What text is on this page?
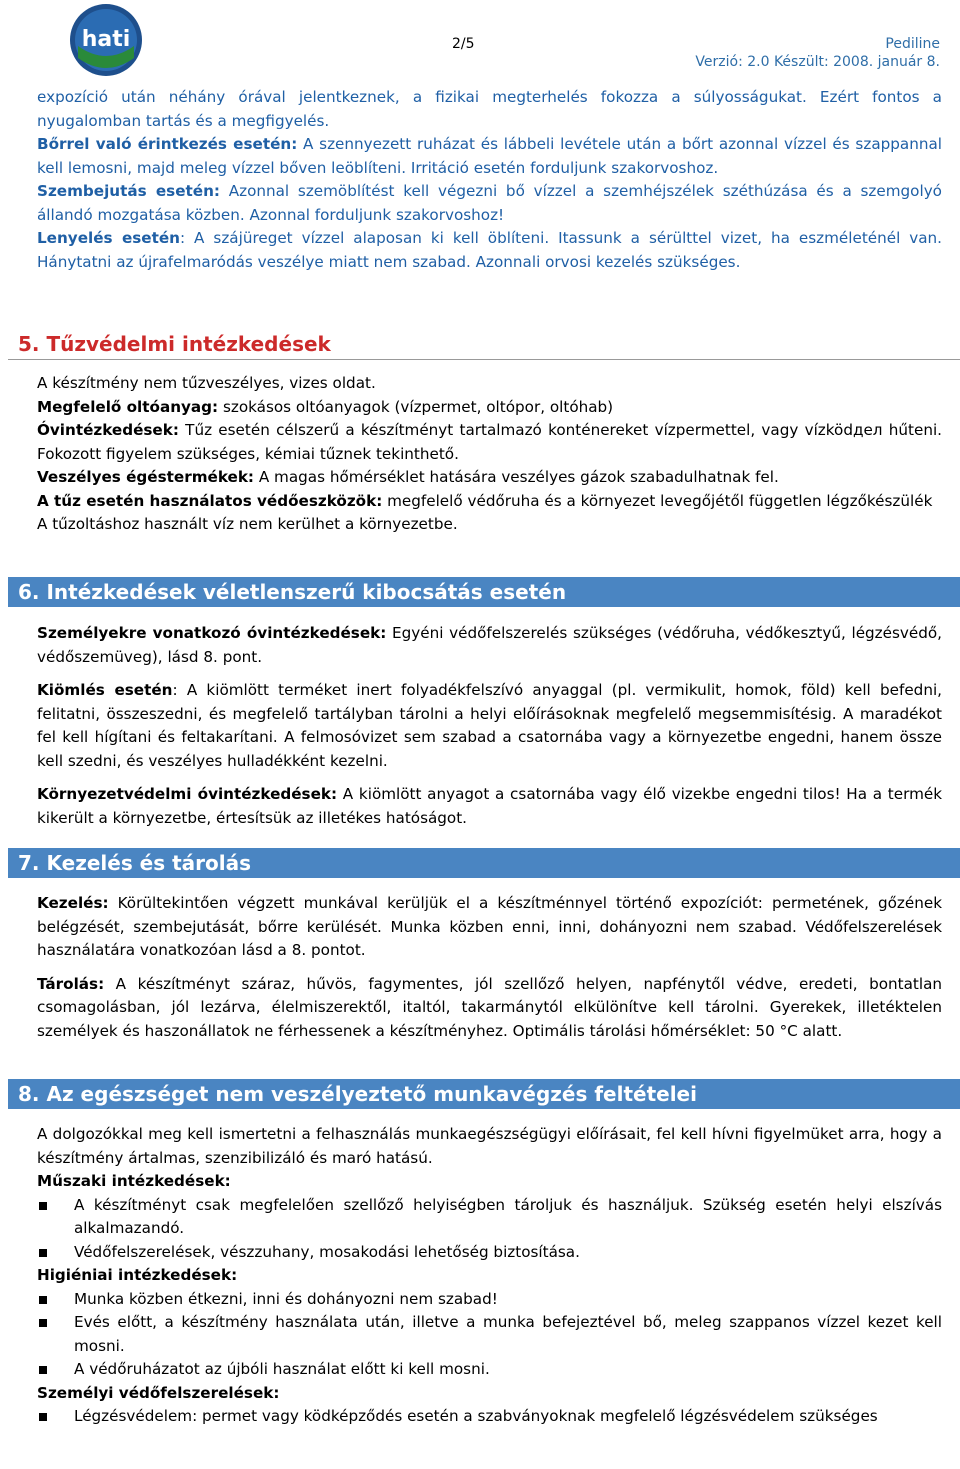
hati	2/5	Pediline
Verzió: 2.0 Készült: 2008. január 8.

expozíció után néhány órával jelentkeznek, a fizikai megterhelés fokozza a súlyosságukat. Ezért fontos a nyugalomban tartás és a megfigyelés.

Bőrrel való érintkezés esetén: A szennyezett ruházat és lábbeli levétele után a bőrt azonnal vízzel és szappannal kell lemosni, majd meleg vízzel bőven leöblíteni. Irritáció esetén forduljunk szakorvoshoz.

Szembejutás esetén: Azonnal szemöblítést kell végezni bő vízzel a szemhéjszélek széthúzása és a szemgolyó állandó mozgatása közben. Azonnal forduljunk szakorvoshoz!

Lenyelés esetén: A szájüreget vízzel alaposan ki kell öblíteni. Itassunk a sérülttel vizet, ha eszméleténél van. Hánytatni az újrafelmaródás veszélye miatt nem szabad. Azonnali orvosi kezelés szükséges.

5. Tűzvédelmi intézkedések

A készítmény nem tűzveszélyes, vizes oldat.

Megfelelő oltóanyag: szokásos oltóanyagok (vízpermet, oltópor, oltóhab)

Óvintézkedések: Tűz esetén célszerű a készítményt tartalmazó konténereket vízpermettel, vagy vízködдел hűteni. Fokozott figyelem szükséges, kémiai tűznek tekinthető.

Veszélyes égéstermékek: A magas hőmérséklet hatására veszélyes gázok szabadulhatnak fel.

A tűz esetén használatos védőeszközök: megfelelő védőruha és a környezet levegőjétől független légzőkészülék

A tűzoltáshoz használt víz nem kerülhet a környezetbe.

6. Intézkedések véletlenszerű kibocsátás esetén

Személyekre vonatkozó óvintézkedések: Egyéni védőfelszerelés szükséges (védőruha, védőkesztyű, légzésvédő, védőszemüveg), lásd 8. pont.

Kiömlés esetén: A kiömlött terméket inert folyadékfelszívó anyaggal (pl. vermikulit, homok, föld) kell befedni, felitatni, összeszedni, és megfelelő tartályban tárolni a helyi előírásoknak megfelelő megsemmisítésig. A maradékot fel kell hígítani és feltakarítani. A felmosóvizet sem szabad a csatornába vagy a környezetbe engedni, hanem össze kell szedni, és veszélyes hulladékként kezelni.

Környezetvédelmi óvintézkedések: A kiömlött anyagot a csatornába vagy élő vizekbe engedni tilos! Ha a termék kikerült a környezetbe, értesítsük az illetékes hatóságot.

7. Kezelés és tárolás

Kezelés: Körültekintően végzett munkával kerüljük el a készítménnyel történő expozíciót: permetének, gőzének belégzését, szembejutását, bőrre kerülését. Munka közben enni, inni, dohányozni nem szabad. Védőfelszerelések használatára vonatkozóan lásd a 8. pontot.

Tárolás: A készítményt száraz, hűvös, fagymentes, jól szellőző helyen, napfénytől védve, eredeti, bontatlan csomagolásban, jól lezárva, élelmiszerektől, italtól, takarmánytól elkülönítve kell tárolni. Gyerekek, illetéktelen személyek és haszonállatok ne férhessenek a készítményhez. Optimális tárolási hőmérséklet: 50 °C alatt.

8. Az egészséget nem veszélyeztető munkavégzés feltételei

A dolgozókkal meg kell ismertetni a felhasználás munkaegészségügyi előírásait, fel kell hívni figyelmüket arra, hogy a készítmény ártalmas, szenzibilizáló és maró hatású.

Műszaki intézkedések:

A készítményt csak megfelelően szellőző helyiségben tároljuk és használjuk. Szükség esetén helyi elszívás alkalmazandó.
Védőfelszerelések, vészzuhany, mosakodási lehetőség biztosítása.

Higiéniai intézkedések:

Munka közben étkezni, inni és dohányozni nem szabad!
Evés előtt, a készítmény használata után, illetve a munka befejeztével bő, meleg szappanos vízzel kezet kell mosni.
A védőruházatot az újbóli használat előtt ki kell mosni.

Személyi védőfelszerelések:

Légzésvédelem: permet vagy ködképződés esetén a szabványoknak megfelelő légzésvédelem szükséges
